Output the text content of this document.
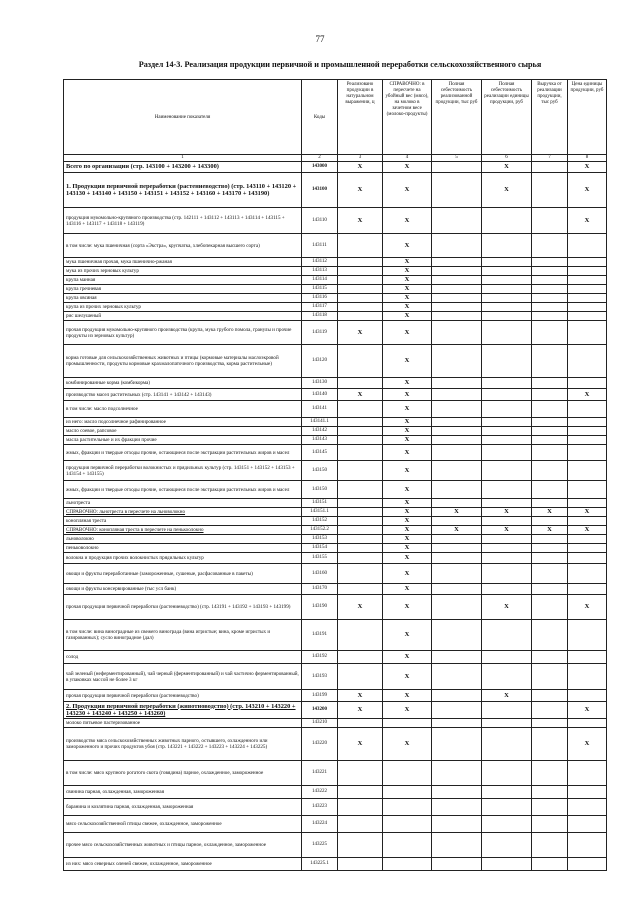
77
Раздел 14-3. Реализация продукции первичной и промышленной переработки сельскохозяйственного сырья
Наименование показателя	Коды	Реализовано продукции в натуральном выражении, ц	СПРАВОЧНО: в пересчете на убойный вес (мясо), на молоко в зачетном весе (молоко-продукты)	Полная себестоимость реализованной продукции, тыс руб	Полная себестоимость реализации единицы продукции, руб	Выручка от реализации продукции, тыс руб	Цена единицы продукции, руб
1	2	3	4	5	6	7	8
Всего по организации (стр. 143100 + 143200 + 143300)	143000	X	X		X		X
1. Продукция первичной переработки (растениеводство) (стр. 143110 + 143120 + 143130 + 143140 + 143150 + 143151 + 143152 + 143160 + 143170 + 143190)	143100	X	X		X		X
продукция мукомольно-крупяного производства (стр. 142111 + 143112 + 143113 + 143114 + 143115 + 143116 + 143117 + 143118 + 143119)	143110	X	X				X
в том числе: мука пшеничная (сорта «Экстра», крупчатка, хлебопекарная высшего сорта)	143111		X				
мука пшеничная прочая, мука пшенично-ржаная	143112		X				
мука из прочих зерновых культур	143113		X				
крупа манная	143114		X				
крупа гречневая	143115		X				
крупа овсяная	143116		X				
крупа из прочих зерновых культур	143117		X				
рис шелушеный	143118		X				
прочая продукция мукомольно-крупяного производства (крупа, мука грубого помола, гранулы и прочие продукты из зерновых культур)	143119	X	X				
корма готовые для сельскохозяйственных животных и птицы (кормовые материалы маслоэкровой промышленности, продукты кормовые крахмалопаточного производства, корма растительные)	143120		X				
комбинированные корма (комбикорма)	143130		X				
производство масел растительных (стр. 143141 + 143142 + 143143)	143140	X	X				X
в том числе: масло подсолнечное	143141		X				
из него: масло подсолнечное рафинированное	143141.1		X				
масло соевое, рапсовое	143142		X				
масла растительные и их фракции прочие	143143		X				
жмых, фракции и твердые отходы прочие, остающиеся после экстракции растительных жиров и масел	143145		X				
продукция первичной переработки волокнистых и прядильных культур (стр. 143151 + 143152 + 143153 + 143154 + 143155)	143150		X				
жмых, фракции и твердые отходы прочие, остающиеся после экстракции растительных жиров и масел	143150		X				
льнотреста	143151		X				
СПРАВОЧНО: льнотреста в пересчете на льноволокно	143151.1		X	X	X	X	X
конопляная треста	143152		X				
СПРАВОЧНО: конопляная треста в пересчете на пенькоолокно	143152.2		X	X	X	X	X
льноволокно	143153		X				
пеньковолокно	143154		X				
волокна и продукция прочих волокнистых прядильных культур	143155		X				
овощи и фрукты переработанные (замороженные, сушеные, расфасованные в пакеты)	143160		X				
овощи и фрукты консервированные (тыс усл банк)	143170		X				
прочая продукция первичной переработки (растениеводство) (стр. 143191 + 143192 + 143193 + 143199)	143190	X	X		X		X
в том числе: вина виноградные из свежего винограда (вина игристые; вина, кроме игристых и газированных); сусло виноградное (дал)	143191		X				
солод	143192		X				
чай зеленый (неферментированный), чай черный (ферментированный) и чай частично ферментированный, в упаковках массой не более 3 кг	143193		X				
прочая продукция первичной переработки (растениеводство)	143199	X	X		X		
2. Продукция первичной переработки (животноводство) (стр. 143210 + 143220 + 143230 + 143240 + 143250 + 143260)	143200	X	X				X
молоко питьевое пастеризованное	143210						
производство мяса сельскохозяйственных животных парного, остывшего, охлажденного или замороженного и прочих продуктов убоя (стр. 143221 + 143222 + 143223 + 143224 + 143225)	143220	X	X				X
в том числе: мясо крупного рогатого скота (говядина) парное, охлажденное, замороженное	143221						
свинина парная, охлажденная, замороженная	143222						
баранина и козлятина парная, охлажденная, замороженная	143223						
мясо сельскохозяйственной птицы свежее, охлажденное, замороженное	143224						
прочее мясо сельскохозяйственных животных и птицы парное, охлажденное, замороженное	143225						
из них: мясо северных оленей свежее, охлажденное, замороженное	143225.1						
